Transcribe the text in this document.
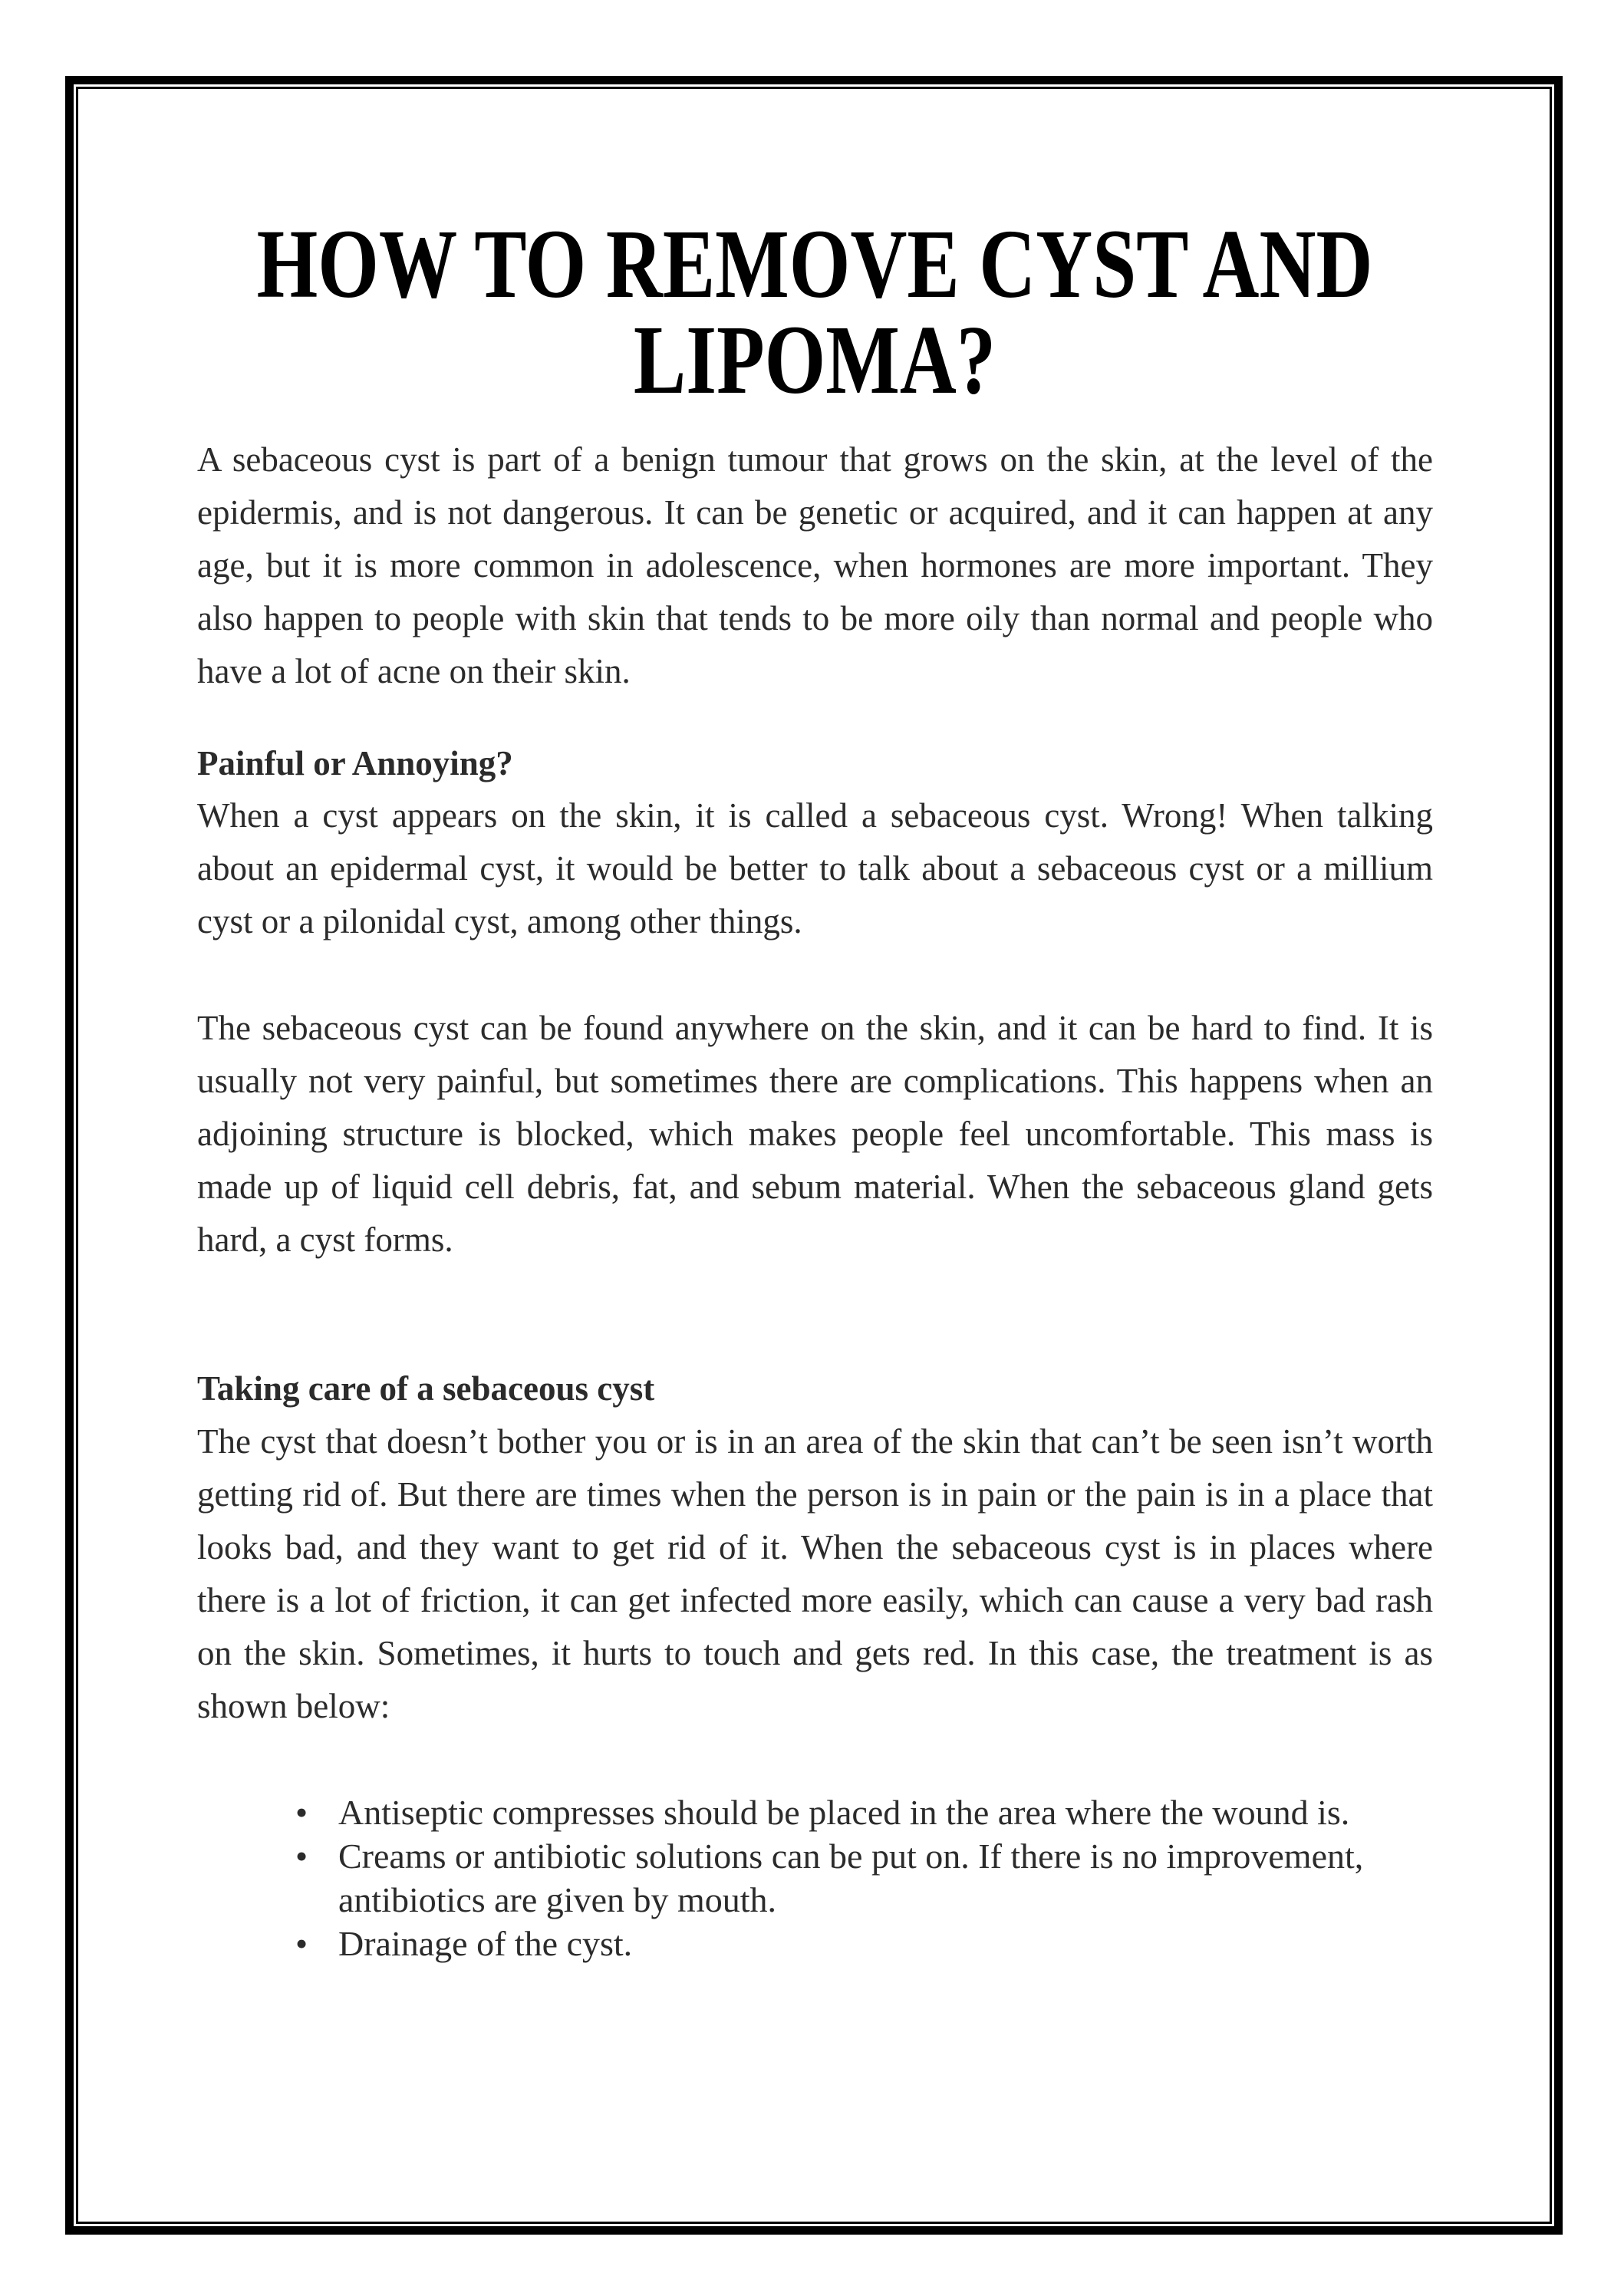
HOW TO REMOVE CYST AND LIPOMA?

A sebaceous cyst is part of a benign tumour that grows on the skin, at the level of the epidermis, and is not dangerous. It can be genetic or acquired, and it can happen at any age, but it is more common in adolescence, when hormones are more important. They also happen to people with skin that tends to be more oily than normal and people who have a lot of acne on their skin.

Painful or Annoying?

When a cyst appears on the skin, it is called a sebaceous cyst. Wrong! When talking about an epidermal cyst, it would be better to talk about a sebaceous cyst or a millium cyst or a pilonidal cyst, among other things.

The sebaceous cyst can be found anywhere on the skin, and it can be hard to find. It is usually not very painful, but sometimes there are complications. This happens when an adjoining structure is blocked, which makes people feel uncomfortable. This mass is made up of liquid cell debris, fat, and sebum material. When the sebaceous gland gets hard, a cyst forms.

Taking care of a sebaceous cyst

The cyst that doesn’t bother you or is in an area of the skin that can’t be seen isn’t worth getting rid of. But there are times when the person is in pain or the pain is in a place that looks bad, and they want to get rid of it. When the sebaceous cyst is in places where there is a lot of friction, it can get infected more easily, which can cause a very bad rash on the skin. Sometimes, it hurts to touch and gets red. In this case, the treatment is as shown below:

• Antiseptic compresses should be placed in the area where the wound is.
• Creams or antibiotic solutions can be put on. If there is no improvement, antibiotics are given by mouth.
• Drainage of the cyst.
